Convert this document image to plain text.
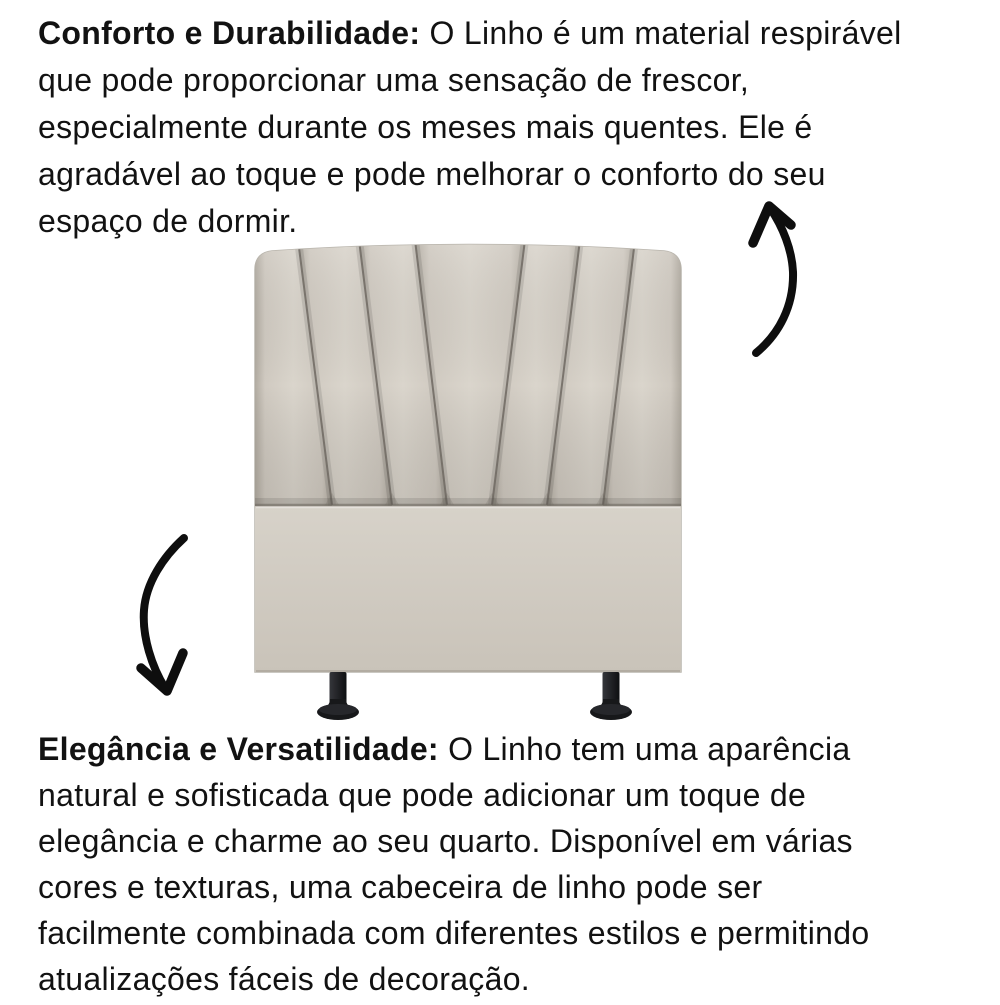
Conforto e Durabilidade: O Linho é um material respirável
que pode proporcionar uma sensação de frescor,
especialmente durante os meses mais quentes. Ele é
agradável ao toque e pode melhorar o conforto do seu
espaço de dormir.
Elegância e Versatilidade: O Linho tem uma aparência
natural e sofisticada que pode adicionar um toque de
elegância e charme ao seu quarto. Disponível em várias
cores e texturas, uma cabeceira de linho pode ser
facilmente combinada com diferentes estilos e permitindo
atualizações fáceis de decoração.
